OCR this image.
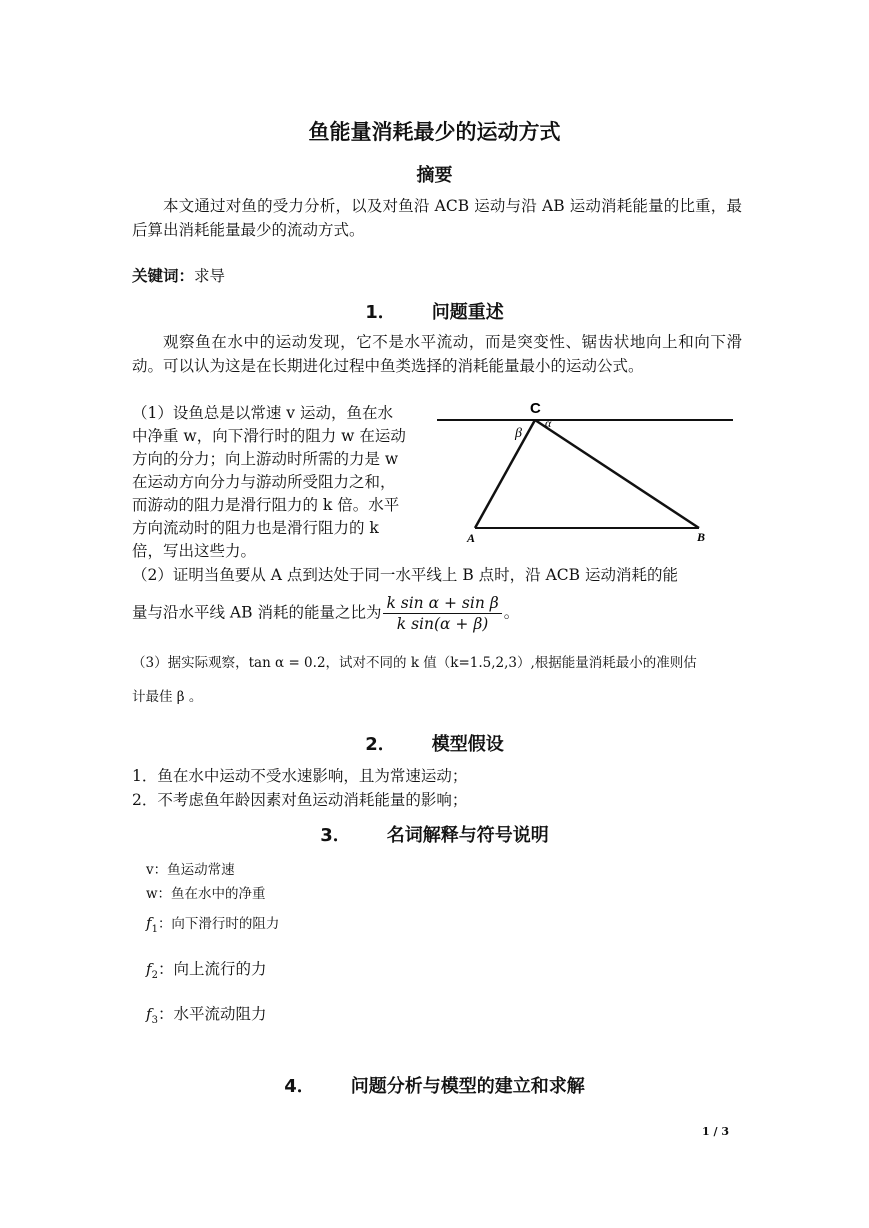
鱼能量消耗最少的运动方式
摘要
本文通过对鱼的受力分析，以及对鱼沿 ACB 运动与沿 AB 运动消耗能量的比重，最后算出消耗能量最少的流动方式。
关键词：求导
1． 问题重述
观察鱼在水中的运动发现，它不是水平流动，而是突变性、锯齿状地向上和向下滑动。可以认为这是在长期进化过程中鱼类选择的消耗能量最小的运动公式。
（1）设鱼总是以常速 v 运动，鱼在水
中净重 w，向下滑行时的阻力 w 在运动
方向的分力；向上游动时所需的力是 w
在运动方向分力与游动所受阻力之和，
而游动的阻力是滑行阻力的 k 倍。水平
方向流动时的阻力也是滑行阻力的 k
倍，写出这些力。
C
α
β
A	B
（2）证明当鱼要从 A 点到达处于同一水平线上 B 点时，沿 ACB 运动消耗的能
量与沿水平线 AB 消耗的能量之比为 $\frac{\text{k sin α + sin β}}{\text{k sin(α + β)}}$ 。
（3）据实际观察，tan α = 0.2，试对不同的 k 值（k=1.5,2,3）,根据能量消耗最小的准则估
计最佳 β 。
2． 模型假设
1．鱼在水中运动不受水速影响，且为常速运动；
2．不考虑鱼年龄因素对鱼运动消耗能量的影响；
3． 名词解释与符号说明
v：鱼运动常速
w：鱼在水中的净重
$f_1$：向下滑行时的阻力
$f_2$：向上流行的力
$f_3$：水平流动阻力
4． 问题分析与模型的建立和求解
1 / 3
